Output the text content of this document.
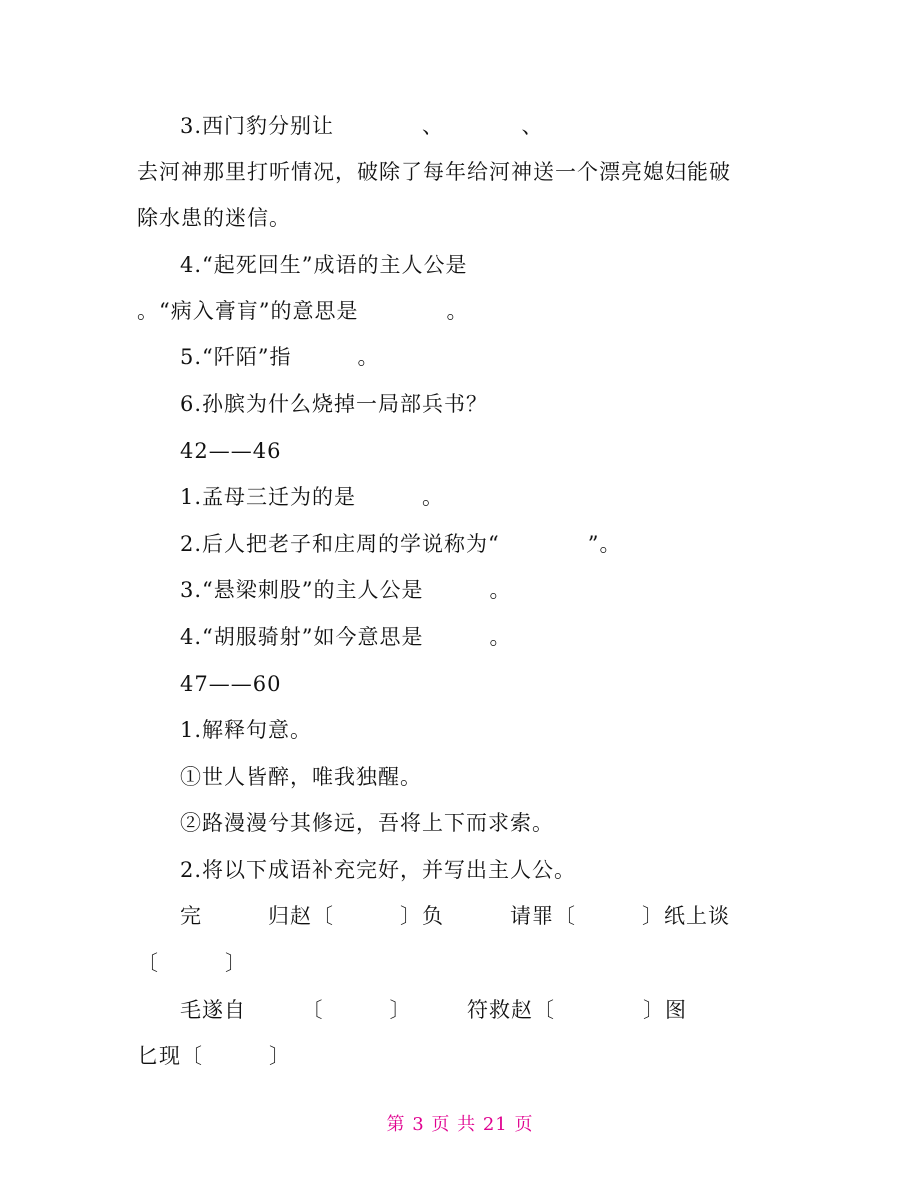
3.西门豹分别让　　　　、　　　　、
去河神那里打听情况，破除了每年给河神送一个漂亮媳妇能破
除水患的迷信。
4.“起死回生”成语的主人公是
。“病入膏肓”的意思是　　　　。
5.“阡陌”指　　　。
6.孙膑为什么烧掉一局部兵书？
42——46
1.孟母三迁为的是　　　。
2.后人把老子和庄周的学说称为“　　　　”。
3.“悬梁刺股”的主人公是　　　。
4.“胡服骑射”如今意思是　　　。
47——60
1.解释句意。
①世人皆醉，唯我独醒。
②路漫漫兮其修远，吾将上下而求索。
2.将以下成语补充完好，并写出主人公。
完　　　归赵〔　　　〕负　　　请罪〔　　　〕纸上谈
〔　　　〕
毛遂自　　　〔　　　〕　　　符救赵〔　　　　〕图
匕现〔　　　〕
第 3 页 共 21 页
